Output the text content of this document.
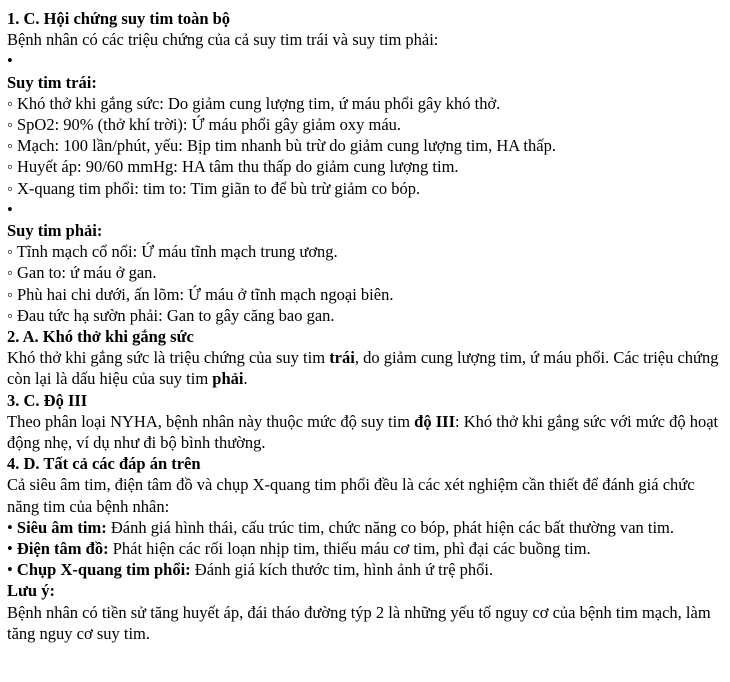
1. C. Hội chứng suy tim toàn bộ
Bệnh nhân có các triệu chứng của cả suy tim trái và suy tim phải:
•
Suy tim trái:
◦ Khó thở khi gắng sức: Do giảm cung lượng tim, ứ máu phổi gây khó thở.
◦ SpO2: 90% (thở khí trời): Ứ máu phổi gây giảm oxy máu.
◦ Mạch: 100 lần/phút, yếu: Bịp tim nhanh bù trừ do giảm cung lượng tim, HA thấp.
◦ Huyết áp: 90/60 mmHg: HA tâm thu thấp do giảm cung lượng tim.
◦ X-quang tim phổi: tim to: Tim giãn to để bù trừ giảm co bóp.
•
Suy tim phải:
◦ Tĩnh mạch cổ nổi: Ứ máu tĩnh mạch trung ương.
◦ Gan to: ứ máu ở gan.
◦ Phù hai chi dưới, ấn lõm: Ứ máu ở tĩnh mạch ngoại biên.
◦ Đau tức hạ sườn phải: Gan to gây căng bao gan.
2. A. Khó thở khi gắng sức
Khó thở khi gắng sức là triệu chứng của suy tim trái, do giảm cung lượng tim, ứ máu phổi. Các triệu chứng còn lại là dấu hiệu của suy tim phải.
3. C. Độ III
Theo phân loại NYHA, bệnh nhân này thuộc mức độ suy tim độ III: Khó thở khi gắng sức với mức độ hoạt động nhẹ, ví dụ như đi bộ bình thường.
4. D. Tất cả các đáp án trên
Cả siêu âm tim, điện tâm đồ và chụp X-quang tim phổi đều là các xét nghiệm cần thiết để đánh giá chức năng tim của bệnh nhân:
• Siêu âm tim: Đánh giá hình thái, cấu trúc tim, chức năng co bóp, phát hiện các bất thường van tim.
• Điện tâm đồ: Phát hiện các rối loạn nhịp tim, thiếu máu cơ tim, phì đại các buồng tim.
• Chụp X-quang tim phổi: Đánh giá kích thước tim, hình ảnh ứ trệ phổi.
Lưu ý:
Bệnh nhân có tiền sử tăng huyết áp, đái tháo đường týp 2 là những yếu tố nguy cơ của bệnh tim mạch, làm tăng nguy cơ suy tim.
